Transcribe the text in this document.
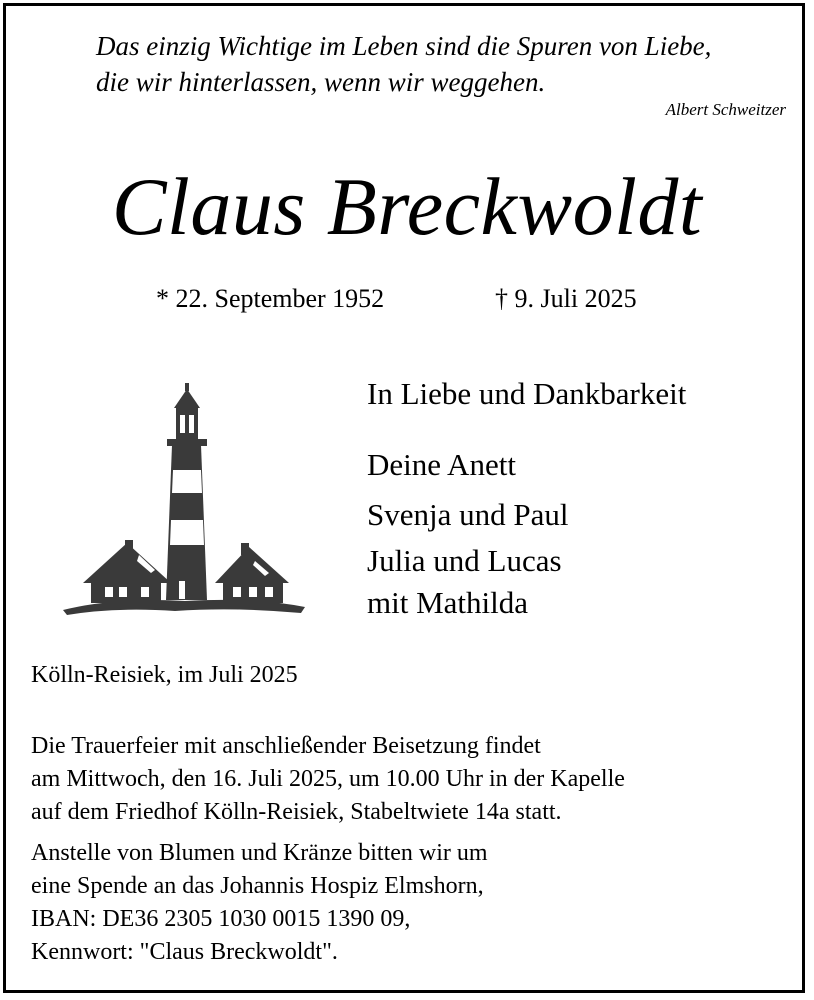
Das einzig Wichtige im Leben sind die Spuren von Liebe,
die wir hinterlassen, wenn wir weggehen.
Albert Schweitzer
Claus Breckwoldt
* 22. September 1952	† 9. Juli 2025
In Liebe und Dankbarkeit
Deine Anett
Svenja und Paul
Julia und Lucas
mit Mathilda
Kölln-Reisiek, im Juli 2025
Die Trauerfeier mit anschließender Beisetzung findet
am Mittwoch, den 16. Juli 2025, um 10.00 Uhr in der Kapelle
auf dem Friedhof Kölln-Reisiek, Stabeltwiete 14a statt.
Anstelle von Blumen und Kränze bitten wir um
eine Spende an das Johannis Hospiz Elmshorn,
IBAN: DE36 2305 1030 0015 1390 09,
Kennwort: "Claus Breckwoldt".
